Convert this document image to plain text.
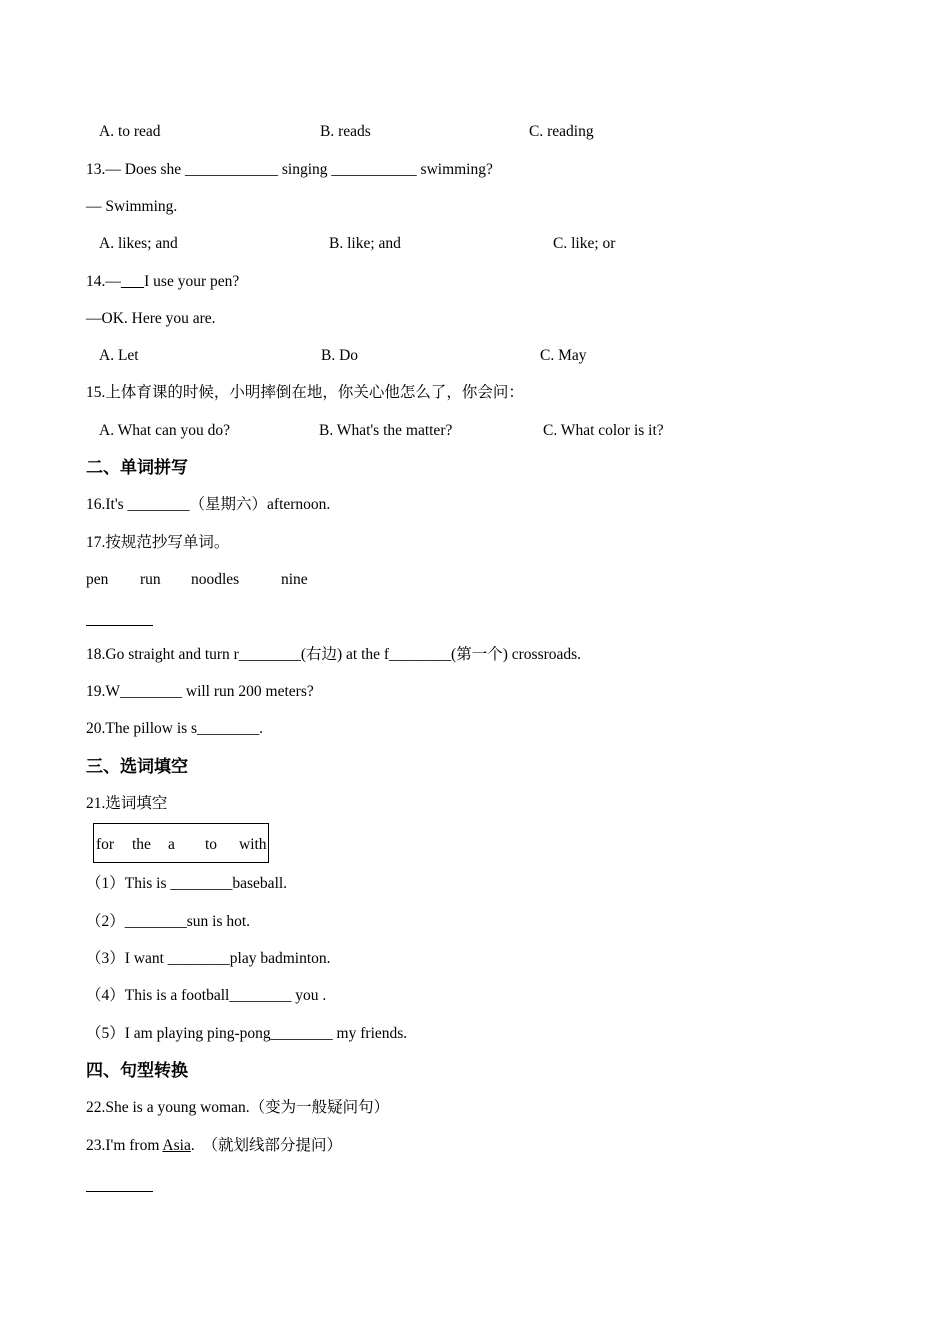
A. to read	B. reads	C. reading
13.— Does she ____________ singing ___________ swimming?
— Swimming.
A. likes; and	B. like; and	C. like; or
14.— I use your pen?
—OK. Here you are.
A. Let	B. Do	C. May
15.上体育课的时候，小明摔倒在地，你关心他怎么了，你会问：
A. What can you do?	B. What's the matter?	C. What color is it?
二、单词拼写
16.It's ________（星期六）afternoon.
17.按规范抄写单词。
pen run noodles	nine
18.Go straight and turn r________(右边) at the f________(第一个) crossroads.
19.W________ will run 200 meters?
20.The pillow is s________.
三、选词填空
21.选词填空
for the a to with
（1）This is ________baseball.
（2）________sun is hot.
（3）I want ________play badminton.
（4）This is a football________ you .
（5）I am playing ping-pong________ my friends.
四、句型转换
22.She is a young woman.（变为一般疑问句）
23.I'm from Asia.  （就划线部分提问）
